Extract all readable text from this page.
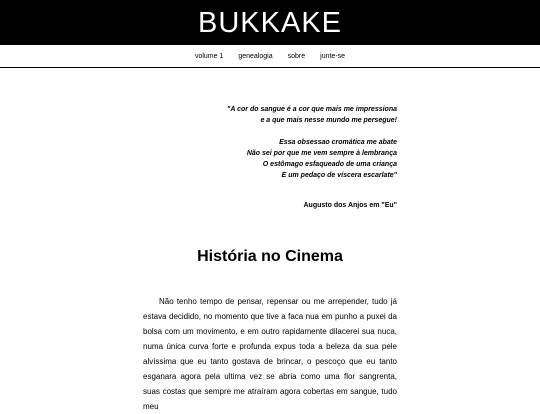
BUKKAKE
volume 1 genealogia sobre junte-se
"A cor do sangue é a cor que mais me impressiona
e a que mais nesse mundo me persegue!
Essa obsessao cromática me abate
Não sei por que me vem sempre à lembrança
O estômago esfaqueado de uma criança
E um pedaço de víscera escarlate"
Augusto dos Anjos em "Eu"
História no Cinema

Não tenho tempo de pensar, repensar ou me arrepender, tudo já estava decidido, no momento que tive a faca nua em punho a puxei da bolsa com um movimento, e em outro rapidamente dilacerei sua nuca, numa única curva forte e profunda expus toda a beleza da sua pele alvíssima que eu tanto gostava de brincar, o pescoço que eu tanto esganara agora pela ultima vez se abria como uma flor sangrenta, suas costas que sempre me atraíram agora cobertas em sangue, tudo meu
